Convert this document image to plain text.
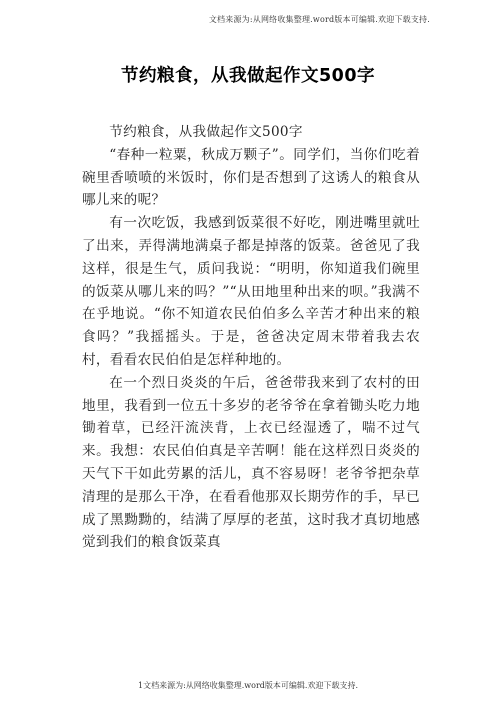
文档来源为:从网络收集整理.word版本可编辑.欢迎下载支持.
节约粮食，从我做起作文500字

节约粮食，从我做起作文500字

“春种一粒粟，秋成万颗子”。同学们，当你们吃着碗里香喷喷的米饭时，你们是否想到了这诱人的粮食从哪儿来的呢？

有一次吃饭，我感到饭菜很不好吃，刚进嘴里就吐了出来，弄得满地满桌子都是掉落的饭菜。爸爸见了我这样，很是生气，质问我说：“明明，你知道我们碗里的饭菜从哪儿来的吗？”“从田地里种出来的呗。”我满不在乎地说。“你不知道农民伯伯多么辛苦才种出来的粮食吗？”我摇摇头。于是，爸爸决定周末带着我去农村，看看农民伯伯是怎样种地的。

在一个烈日炎炎的午后，爸爸带我来到了农村的田地里，我看到一位五十多岁的老爷爷在拿着锄头吃力地锄着草，已经汗流浃背，上衣已经湿透了，喘不过气来。我想：农民伯伯真是辛苦啊！能在这样烈日炎炎的天气下干如此劳累的活儿，真不容易呀！老爷爷把杂草清理的是那么干净，在看看他那双长期劳作的手，早已成了黑黝黝的，结满了厚厚的老茧，这时我才真切地感觉到我们的粮食饭菜真

1文档来源为:从网络收集整理.word版本可编辑.欢迎下载支持.
